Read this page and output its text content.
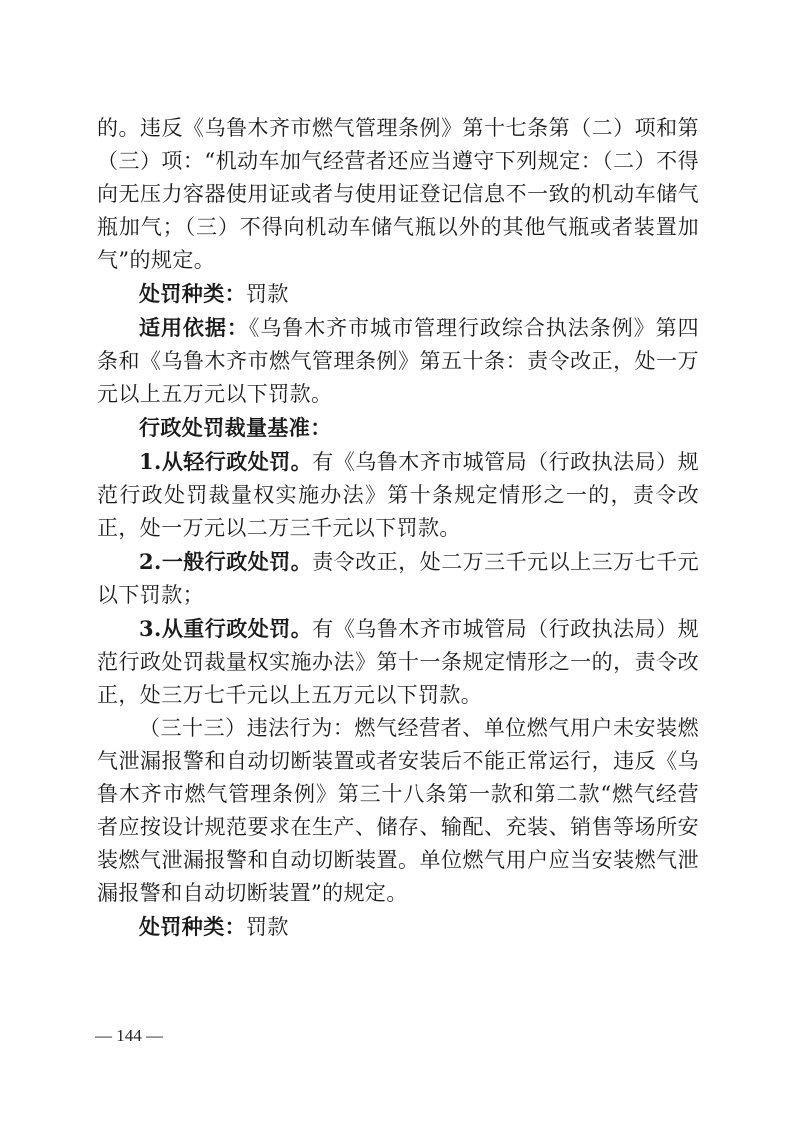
的。违反《乌鲁木齐市燃气管理条例》第十七条第（二）项和第（三）项：“机动车加气经营者还应当遵守下列规定：（二）不得向无压力容器使用证或者与使用证登记信息不一致的机动车储气瓶加气；（三）不得向机动车储气瓶以外的其他气瓶或者装置加气”的规定。

处罚种类：罚款

适用依据：《乌鲁木齐市城市管理行政综合执法条例》第四条和《乌鲁木齐市燃气管理条例》第五十条：责令改正，处一万元以上五万元以下罚款。

行政处罚裁量基准：

1.从轻行政处罚。有《乌鲁木齐市城管局（行政执法局）规范行政处罚裁量权实施办法》第十条规定情形之一的，责令改正，处一万元以二万三千元以下罚款。

2.一般行政处罚。责令改正，处二万三千元以上三万七千元以下罚款；

3.从重行政处罚。有《乌鲁木齐市城管局（行政执法局）规范行政处罚裁量权实施办法》第十一条规定情形之一的，责令改正，处三万七千元以上五万元以下罚款。

（三十三）违法行为：燃气经营者、单位燃气用户未安装燃气泄漏报警和自动切断装置或者安装后不能正常运行，违反《乌鲁木齐市燃气管理条例》第三十八条第一款和第二款“燃气经营者应按设计规范要求在生产、储存、输配、充装、销售等场所安装燃气泄漏报警和自动切断装置。单位燃气用户应当安装燃气泄漏报警和自动切断装置”的规定。

处罚种类：罚款

— 144 —
